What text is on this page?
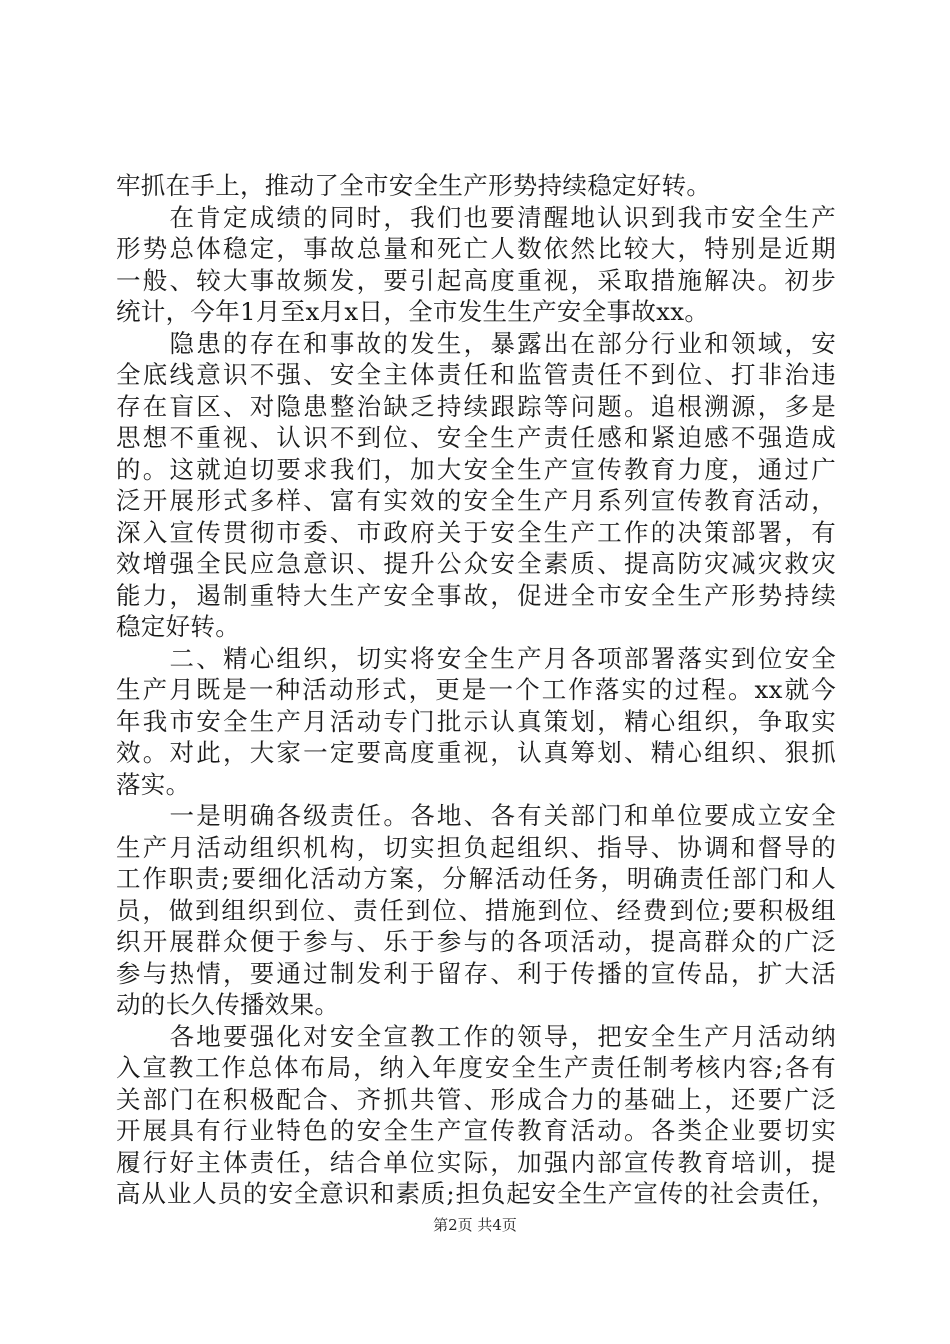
牢抓在手上，推动了全市安全生产形势持续稳定好转。
　　在肯定成绩的同时，我们也要清醒地认识到我市安全生产
形势总体稳定，事故总量和死亡人数依然比较大，特别是近期
一般、较大事故频发，要引起高度重视，采取措施解决。初步
统计，今年1月至x月x日，全市发生生产安全事故xx。
　　隐患的存在和事故的发生，暴露出在部分行业和领域，安
全底线意识不强、安全主体责任和监管责任不到位、打非治违
存在盲区、对隐患整治缺乏持续跟踪等问题。追根溯源，多是
思想不重视、认识不到位、安全生产责任感和紧迫感不强造成
的。这就迫切要求我们，加大安全生产宣传教育力度，通过广
泛开展形式多样、富有实效的安全生产月系列宣传教育活动，
深入宣传贯彻市委、市政府关于安全生产工作的决策部署，有
效增强全民应急意识、提升公众安全素质、提高防灾减灾救灾
能力，遏制重特大生产安全事故，促进全市安全生产形势持续
稳定好转。
　　二、精心组织，切实将安全生产月各项部署落实到位安全
生产月既是一种活动形式，更是一个工作落实的过程。xx就今
年我市安全生产月活动专门批示认真策划，精心组织，争取实
效。对此，大家一定要高度重视，认真筹划、精心组织、狠抓
落实。
　　一是明确各级责任。各地、各有关部门和单位要成立安全
生产月活动组织机构，切实担负起组织、指导、协调和督导的
工作职责;要细化活动方案，分解活动任务，明确责任部门和人
员，做到组织到位、责任到位、措施到位、经费到位;要积极组
织开展群众便于参与、乐于参与的各项活动，提高群众的广泛
参与热情，要通过制发利于留存、利于传播的宣传品，扩大活
动的长久传播效果。
　　各地要强化对安全宣教工作的领导，把安全生产月活动纳
入宣教工作总体布局，纳入年度安全生产责任制考核内容;各有
关部门在积极配合、齐抓共管、形成合力的基础上，还要广泛
开展具有行业特色的安全生产宣传教育活动。各类企业要切实
履行好主体责任，结合单位实际，加强内部宣传教育培训，提
高从业人员的安全意识和素质;担负起安全生产宣传的社会责任，
第2页 共4页
